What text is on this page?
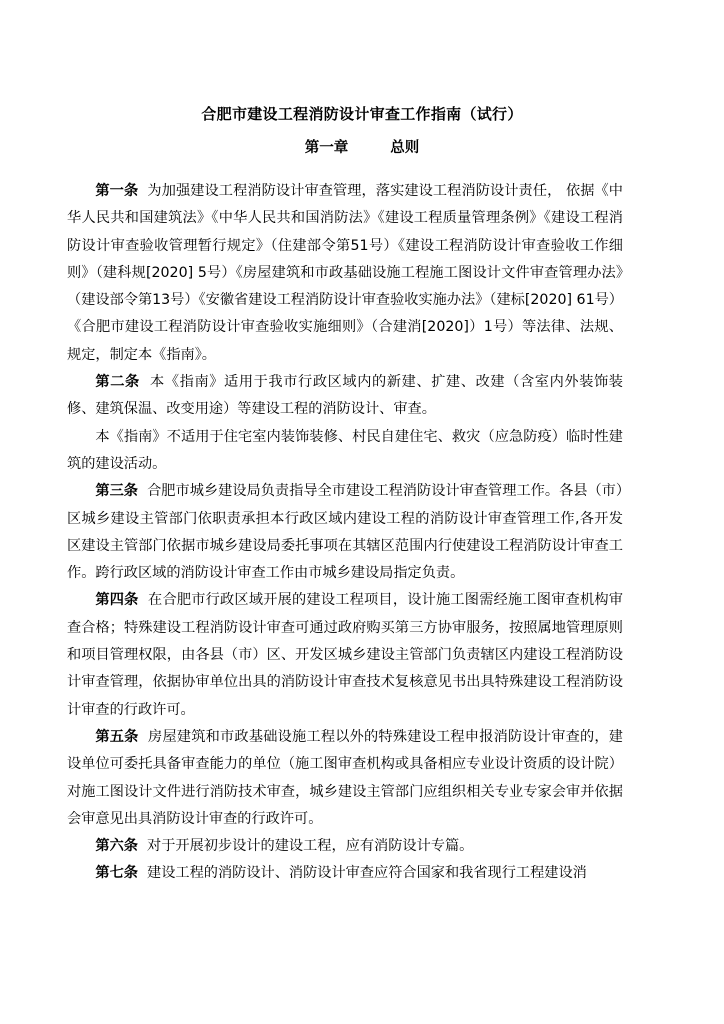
合肥市建设工程消防设计审查工作指南（试行）
第一章	总则

第一条 为加强建设工程消防设计审查管理，落实建设工程消防设计责任， 依据《中华人民共和国建筑法》《中华人民共和国消防法》《建设工程质量管理条例》《建设工程消防设计审查验收管理暂行规定》（住建部令第51号）《建设工程消防设计审查验收工作细则》（建科规[2020] 5号）《房屋建筑和市政基础设施工程施工图设计文件审查管理办法》（建设部令第13号）《安徽省建设工程消防设计审查验收实施办法》（建标[2020] 61号）《合肥市建设工程消防设计审查验收实施细则》（合建消[2020]）1号）等法律、法规、规定，制定本《指南》。

第二条 本《指南》适用于我市行政区域内的新建、扩建、改建（含室内外装饰装修、建筑保温、改变用途）等建设工程的消防设计、审查。

本《指南》不适用于住宅室内装饰装修、村民自建住宅、救灾（应急防疫）临时性建筑的建设活动。

第三条 合肥市城乡建设局负责指导全市建设工程消防设计审查管理工作。各县（市）区城乡建设主管部门依职责承担本行政区域内建设工程的消防设计审查管理工作,各开发区建设主管部门依据市城乡建设局委托事项在其辖区范围内行使建设工程消防设计审查工作。跨行政区域的消防设计审查工作由市城乡建设局指定负责。

第四条 在合肥市行政区域开展的建设工程项目，设计施工图需经施工图审查机构审查合格；特殊建设工程消防设计审查可通过政府购买第三方协审服务，按照属地管理原则和项目管理权限，由各县（市）区、开发区城乡建设主管部门负责辖区内建设工程消防设计审查管理，依据协审单位出具的消防设计审查技术复核意见书出具特殊建设工程消防设计审查的行政许可。

第五条 房屋建筑和市政基础设施工程以外的特殊建设工程申报消防设计审查的，建设单位可委托具备审查能力的单位（施工图审查机构或具备相应专业设计资质的设计院）对施工图设计文件进行消防技术审查，城乡建设主管部门应组织相关专业专家会审并依据会审意见出具消防设计审查的行政许可。

第六条 对于开展初步设计的建设工程，应有消防设计专篇。

第七条 建设工程的消防设计、消防设计审查应符合国家和我省现行工程建设消
